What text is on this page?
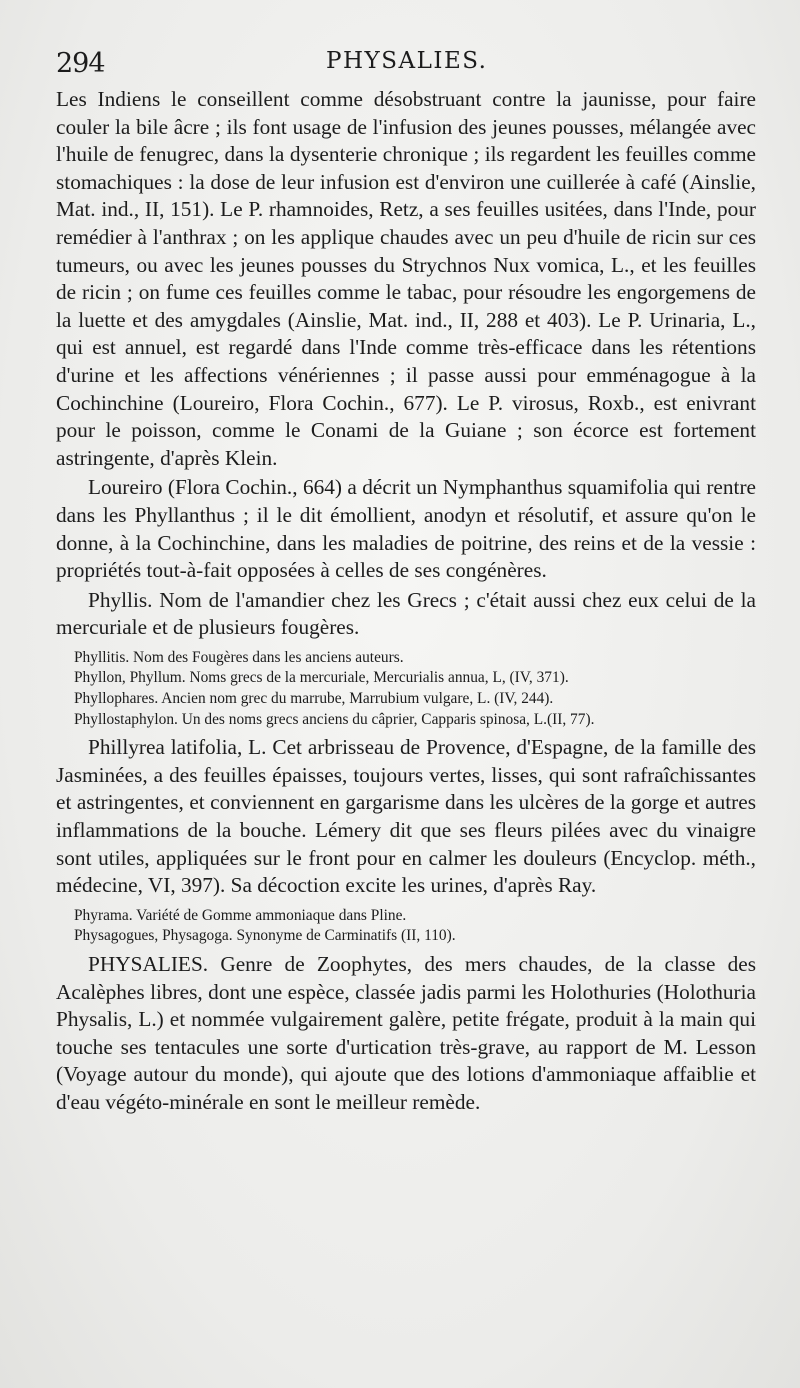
294	PHYSALIES.

Les Indiens le conseillent comme désobstruant contre la jaunisse, pour faire couler la bile âcre ; ils font usage de l'infusion des jeunes pousses, mélangée avec l'huile de fenugrec, dans la dysenterie chronique ; ils regardent les feuilles comme stomachiques : la dose de leur infusion est d'environ une cuillerée à café (Ainslie, Mat. ind., II, 151). Le P. rhamnoides, Retz, a ses feuilles usitées, dans l'Inde, pour remédier à l'anthrax ; on les applique chaudes avec un peu d'huile de ricin sur ces tumeurs, ou avec les jeunes pousses du Strychnos Nux vomica, L., et les feuilles de ricin ; on fume ces feuilles comme le tabac, pour résoudre les engorgemens de la luette et des amygdales (Ainslie, Mat. ind., II, 288 et 403). Le P. Urinaria, L., qui est annuel, est regardé dans l'Inde comme très-efficace dans les rétentions d'urine et les affections vénériennes ; il passe aussi pour emménagogue à la Cochinchine (Loureiro, Flora Cochin., 677). Le P. virosus, Roxb., est enivrant pour le poisson, comme le Conami de la Guiane ; son écorce est fortement astringente, d'après Klein.

Loureiro (Flora Cochin., 664) a décrit un Nymphanthus squamifolia qui rentre dans les Phyllanthus ; il le dit émollient, anodyn et résolutif, et assure qu'on le donne, à la Cochinchine, dans les maladies de poitrine, des reins et de la vessie : propriétés tout-à-fait opposées à celles de ses congénères.

Phyllis. Nom de l'amandier chez les Grecs ; c'était aussi chez eux celui de la mercuriale et de plusieurs fougères.

Phyllitis. Nom des Fougères dans les anciens auteurs.

Phyllon, Phyllum. Noms grecs de la mercuriale, Mercurialis annua, L, (IV, 371).

Phyllophares. Ancien nom grec du marrube, Marrubium vulgare, L. (IV, 244).

Phyllostaphylon. Un des noms grecs anciens du câprier, Capparis spinosa, L.(II, 77).

Phillyrea latifolia, L. Cet arbrisseau de Provence, d'Espagne, de la famille des Jasminées, a des feuilles épaisses, toujours vertes, lisses, qui sont rafraîchissantes et astringentes, et conviennent en gargarisme dans les ulcères de la gorge et autres inflammations de la bouche. Lémery dit que ses fleurs pilées avec du vinaigre sont utiles, appliquées sur le front pour en calmer les douleurs (Encyclop. méth., médecine, VI, 397). Sa décoction excite les urines, d'après Ray.

Phyrama. Variété de Gomme ammoniaque dans Pline.

Physagogues, Physagoga. Synonyme de Carminatifs (II, 110).

PHYSALIES. Genre de Zoophytes, des mers chaudes, de la classe des Acalèphes libres, dont une espèce, classée jadis parmi les Holothuries (Holothuria Physalis, L.) et nommée vulgairement galère, petite frégate, produit à la main qui touche ses tentacules une sorte d'urtication très-grave, au rapport de M. Lesson (Voyage autour du monde), qui ajoute que des lotions d'ammoniaque affaiblie et d'eau végéto-minérale en sont le meilleur remède.
